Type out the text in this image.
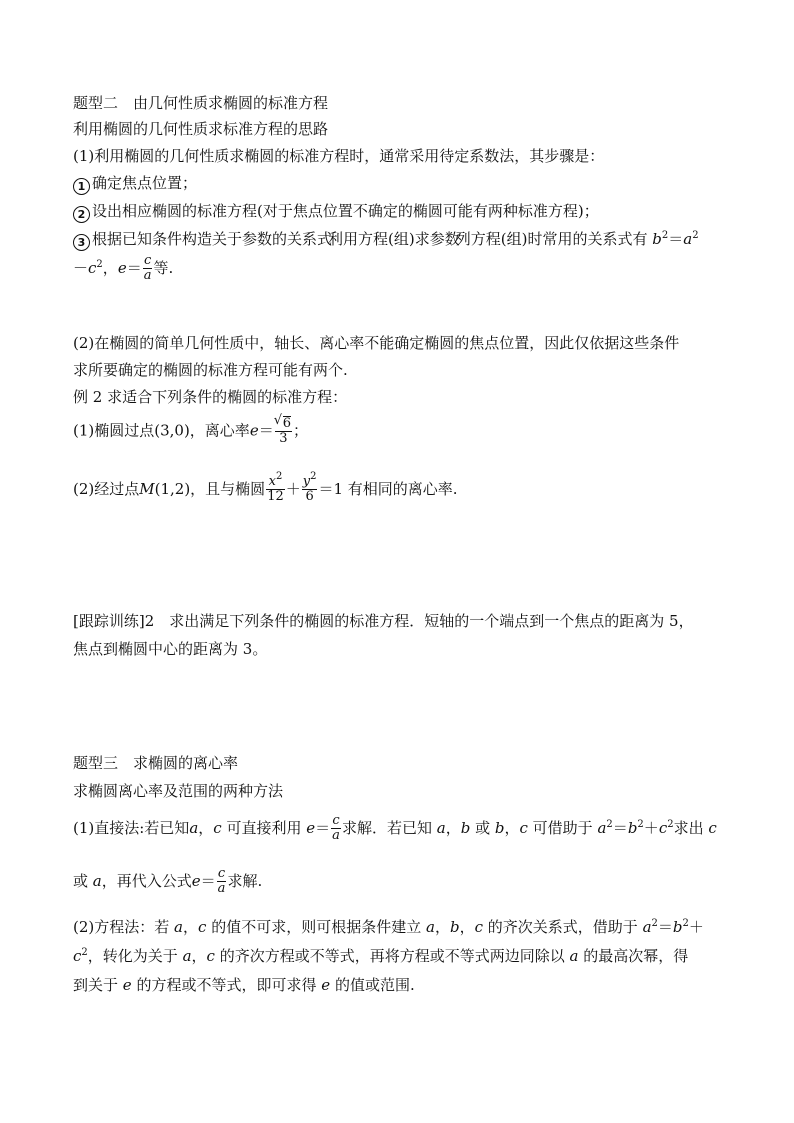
题型二　由几何性质求椭圆的标准方程
利用椭圆的几何性质求标准方程的思路
(1)利用椭圆的几何性质求椭圆的标准方程时，通常采用待定系数法，其步骤是：
1 确定焦点位置；
2 设出相应椭圆的标准方程(对于焦点位置不确定的椭圆可能有两种标准方程)；
3 根据已知条件构造关于参数的关系式利用方程(组)求参数列方程(组)时常用的关系式有 $b^2=a^2$
$-c^2$，$e= \frac{c}{a}$ 等.
(2)在椭圆的简单几何性质中，轴长、离心率不能确定椭圆的焦点位置，因此仅依据这些条件
求所要确定的椭圆的标准方程可能有两个.
例 2 求适合下列条件的椭圆的标准方程：
(1)椭圆过点(3,0)，离心率e＝
√ $\frac{6}{3}$ ；
(2)经过点M(1,2)，且与椭圆 $\frac{x^2}{12} + \frac{y^2}{6} =1$ 有相同的离心率.
[跟踪训练]2　求出满足下列条件的椭圆的标准方程．短轴的一个端点到一个焦点的距离为 5，
焦点到椭圆中心的距离为 3。
题型三　求椭圆的离心率
求椭圆离心率及范围的两种方法
(1)直接法:若已知a，c 可直接利用 $e= \frac{c}{a}$ 求解．若已知 a，b 或 b，c 可借助于 $a^2=b^2+c^2$求出 c
或 a，再代入公式$e= \frac{c}{a}$ 求解.
(2)方程法：若 a，c 的值不可求，则可根据条件建立 a，b，c 的齐次关系式，借助于 $a^2=b^2+$
$c^2$，转化为关于 a，c 的齐次方程或不等式，再将方程或不等式两边同除以 a 的最高次幂，得
到关于 e 的方程或不等式，即可求得 e 的值或范围.
